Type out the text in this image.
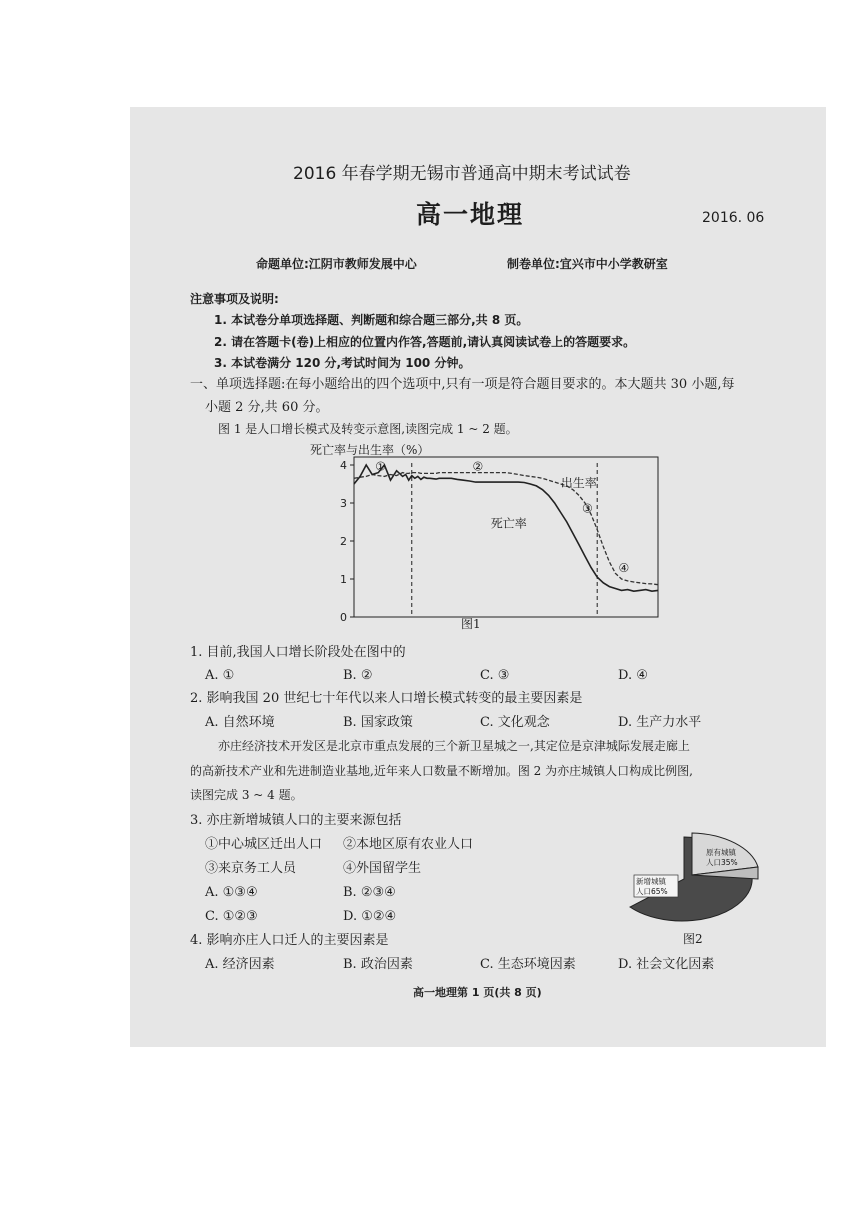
2016 年春学期无锡市普通高中期末考试试卷
高一地理	2016. 06
命题单位:江阴市教师发展中心	制卷单位:宜兴市中小学教研室
注意事项及说明:
1. 本试卷分单项选择题、判断题和综合题三部分,共 8 页。
2. 请在答题卡(卷)上相应的位置内作答,答题前,请认真阅读试卷上的答题要求。
3. 本试卷满分 120 分,考试时间为 100 分钟。
一、单项选择题:在每小题给出的四个选项中,只有一项是符合题目要求的。本大题共 30 小题,每
小题 2 分,共 60 分。
图 1 是人口增长模式及转变示意图,读图完成 1 ~ 2 题。
死亡率与出生率（%）
4
3
2
1
0
①	②
③
④
出生率
死亡率
图1
1. 目前,我国人口增长阶段处在图中的
A. ①	B. ②	C. ③	D. ④
2. 影响我国 20 世纪七十年代以来人口增长模式转变的最主要因素是
A. 自然环境	B. 国家政策	C. 文化观念	D. 生产力水平
亦庄经济技术开发区是北京市重点发展的三个新卫星城之一,其定位是京津城际发展走廊上
的高新技术产业和先进制造业基地,近年来人口数量不断增加。图 2 为亦庄城镇人口构成比例图,
读图完成 3 ~ 4 题。
3. 亦庄新增城镇人口的主要来源包括
①中心城区迁出人口 ②本地区原有农业人口
③来京务工人员	④外国留学生
A. ①③④	B. ②③④
C. ①②③	D. ①②④
新增城镇
人口65%
原有城镇
人口35%
图2
4. 影响亦庄人口迁人的主要因素是
A. 经济因素	B. 政治因素	C. 生态环境因素	D. 社会文化因素
高一地理第 1 页(共 8 页)
